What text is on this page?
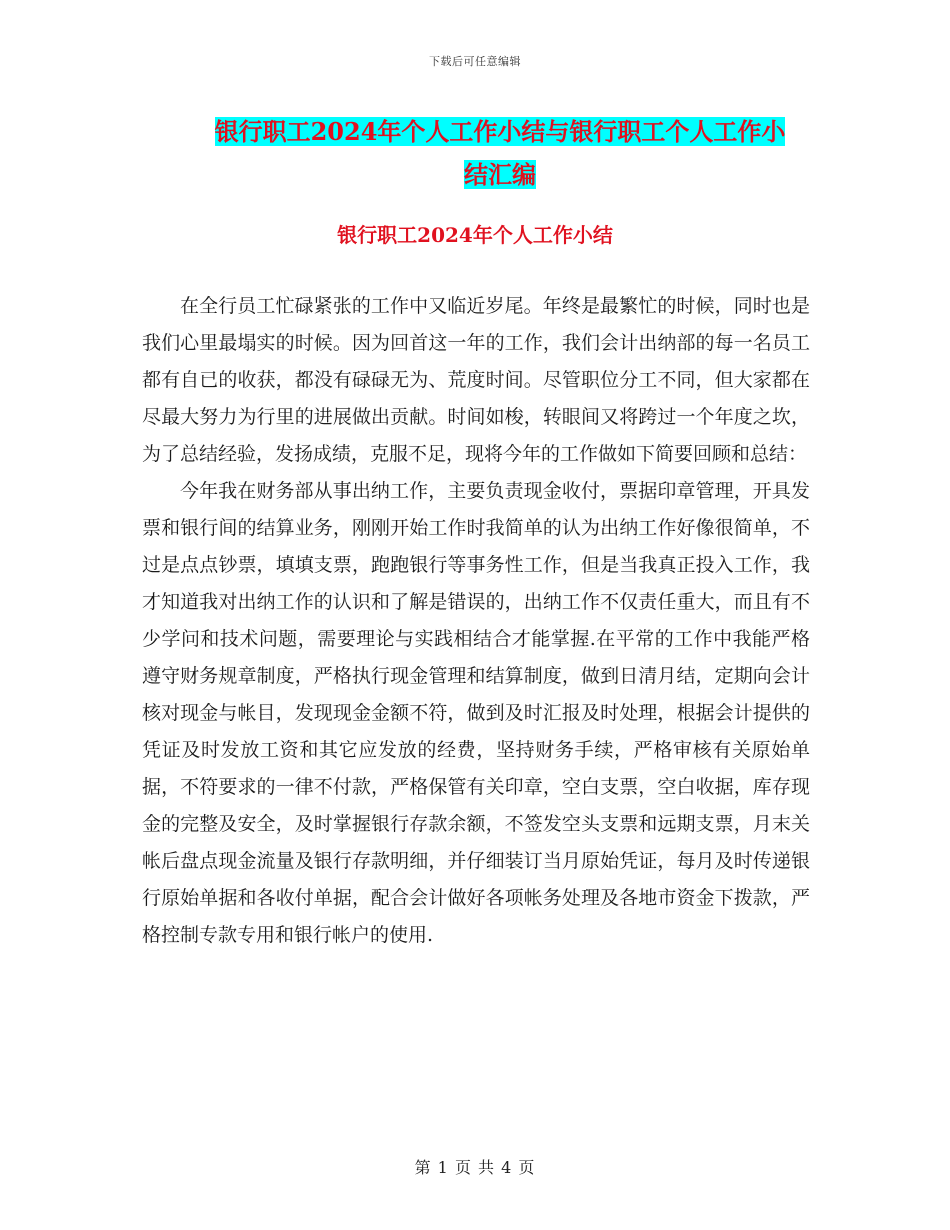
下载后可任意编辑
银行职工2024年个人工作小结与银行职工个人工作小
结汇编
银行职工2024年个人工作小结

在全行员工忙碌紧张的工作中又临近岁尾。年终是最繁忙的时候，同时也是我们心里最塌实的时候。因为回首这一年的工作，我们会计出纳部的每一名员工都有自已的收获，都没有碌碌无为、荒度时间。尽管职位分工不同，但大家都在尽最大努力为行里的进展做出贡献。时间如梭，转眼间又将跨过一个年度之坎，为了总结经验，发扬成绩，克服不足，现将今年的工作做如下简要回顾和总结：

今年我在财务部从事出纳工作，主要负责现金收付，票据印章管理，开具发票和银行间的结算业务，刚刚开始工作时我简单的认为出纳工作好像很简单，不过是点点钞票，填填支票，跑跑银行等事务性工作，但是当我真正投入工作，我才知道我对出纳工作的认识和了解是错误的，出纳工作不仅责任重大，而且有不少学问和技术问题，需要理论与实践相结合才能掌握.在平常的工作中我能严格遵守财务规章制度，严格执行现金管理和结算制度，做到日清月结，定期向会计核对现金与帐目，发现现金金额不符，做到及时汇报及时处理，根据会计提供的凭证及时发放工资和其它应发放的经费，坚持财务手续，严格审核有关原始单据，不符要求的一律不付款，严格保管有关印章，空白支票，空白收据，库存现金的完整及安全，及时掌握银行存款余额，不签发空头支票和远期支票，月末关帐后盘点现金流量及银行存款明细，并仔细装订当月原始凭证，每月及时传递银行原始单据和各收付单据，配合会计做好各项帐务处理及各地市资金下拨款，严格控制专款专用和银行帐户的使用.

第 1 页 共 4 页
